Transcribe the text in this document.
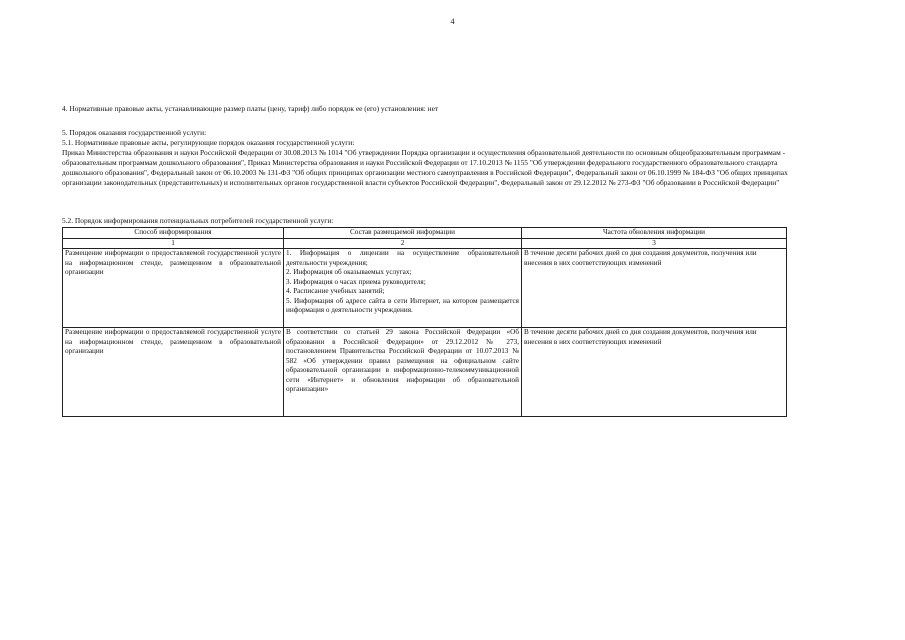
4

4. Нормативные правовые акты, устанавливающие размер платы (цену, тариф) либо порядок ее (его) установления: нет

5. Порядок оказания государственной услуги:

5.1. Нормативные правовые акты, регулирующие порядок оказания государственной услуги:

Приказ Министерства образования и науки Российской Федерации от 30.08.2013 № 1014 "Об утверждении Порядка организации и осуществления образовательной деятельности по основным общеобразовательным программам - образовательным программам дошкольного образования", Приказ Министерства образования и науки Российской Федерации от 17.10.2013 № 1155 "Об утверждении федерального государственного образовательного стандарта дошкольного образования", Федеральный закон от 06.10.2003 № 131-ФЗ "Об общих принципах организации местного самоуправления в Российской Федерации", Федеральный закон от 06.10.1999 № 184-ФЗ "Об общих принципах организации законодательных (представительных) и исполнительных органов государственной власти субъектов Российской Федерации", Федеральный закон от 29.12.2012 № 273-ФЗ "Об образовании в Российской Федерации"

5.2. Порядок информирования потенциальных потребителей государственной услуги:

Способ информирования	Состав размещаемой информации	Частота обновления информации
1	2	3
Размещение информации о предоставляемой государственной услуге на информационном стенде, размещенном в образовательной организации	1. Информация о лицензии на осуществление образовательной деятельности учреждения;
2. Информация об оказываемых услугах;
3. Информация о часах приема руководителя;
4. Расписание учебных занятий;
5. Информация об адресе сайта в сети Интернет, на котором размещается информация о деятельности учреждения.	В течение десяти рабочих дней со дня создания документов, получения или внесения в них соответствующих изменений
Размещение информации о предоставляемой государственной услуге на информационном стенде, размещенном в образовательной организации	В соответствии со статьей 29 закона Российской Федерации «Об образовании в Российской Федерации» от 29.12.2012 № 273, постановлением Правительства Российской Федерации от 10.07.2013 № 582 «Об утверждении правил размещения на официальном сайте образовательной организации в информационно-телекоммуникационной сети «Интернет» и обновления информации об образовательной организации»	В течение десяти рабочих дней со дня создания документов, получения или внесения в них соответствующих изменений
